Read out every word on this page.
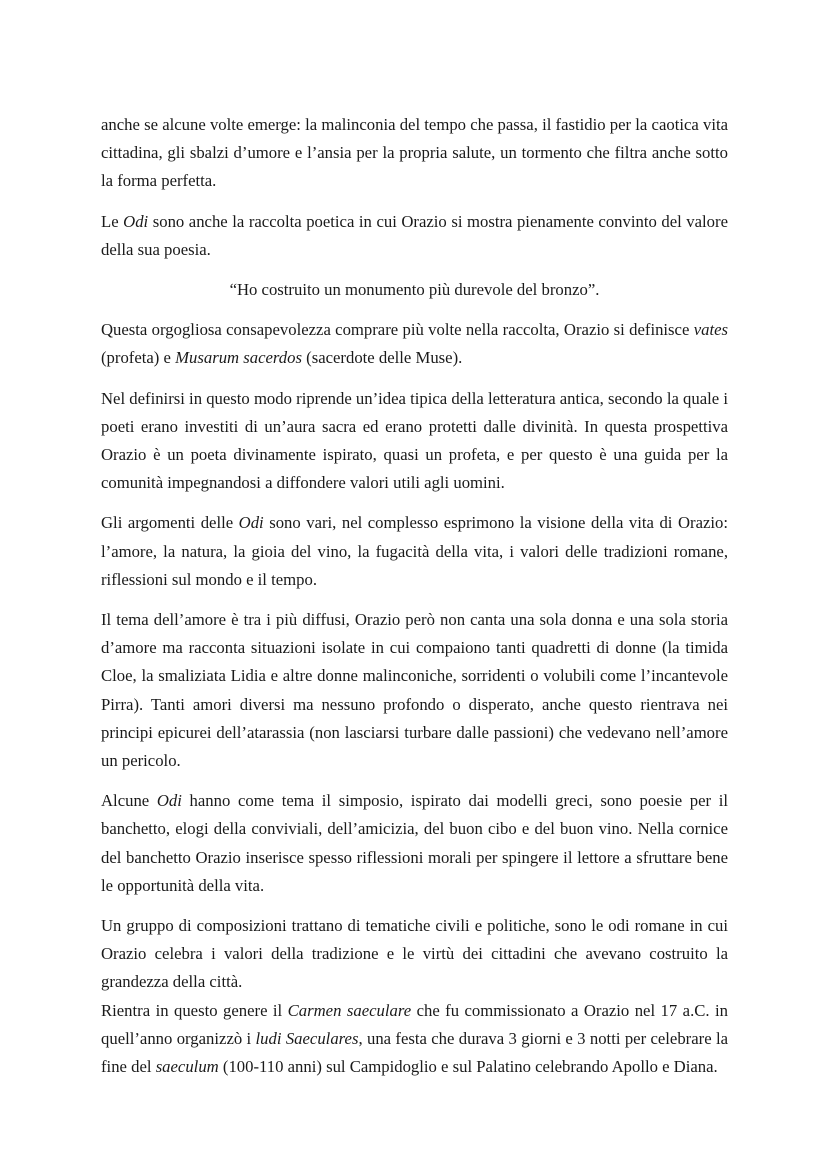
anche se alcune volte emerge: la malinconia del tempo che passa, il fastidio per la caotica vita cittadina, gli sbalzi d’umore e l’ansia per la propria salute, un tormento che filtra anche sotto la forma perfetta.

Le Odi sono anche la raccolta poetica in cui Orazio si mostra pienamente convinto del valore della sua poesia.

“Ho costruito un monumento più durevole del bronzo”.

Questa orgogliosa consapevolezza comprare più volte nella raccolta, Orazio si definisce vates (profeta) e Musarum sacerdos (sacerdote delle Muse).

Nel definirsi in questo modo riprende un’idea tipica della letteratura antica, secondo la quale i poeti erano investiti di un’aura sacra ed erano protetti dalle divinità. In questa prospettiva Orazio è un poeta divinamente ispirato, quasi un profeta, e per questo è una guida per la comunità impegnandosi a diffondere valori utili agli uomini.

Gli argomenti delle Odi sono vari, nel complesso esprimono la visione della vita di Orazio: l’amore, la natura, la gioia del vino, la fugacità della vita, i valori delle tradizioni romane, riflessioni sul mondo e il tempo.

Il tema dell’amore è tra i più diffusi, Orazio però non canta una sola donna e una sola storia d’amore ma racconta situazioni isolate in cui compaiono tanti quadretti di donne (la timida Cloe, la smaliziata Lidia e altre donne malinconiche, sorridenti o volubili come l’incantevole Pirra). Tanti amori diversi ma nessuno profondo o disperato, anche questo rientrava nei principi epicurei dell’atarassia (non lasciarsi turbare dalle passioni) che vedevano nell’amore un pericolo.

Alcune Odi hanno come tema il simposio, ispirato dai modelli greci, sono poesie per il banchetto, elogi della conviviali, dell’amicizia, del buon cibo e del buon vino. Nella cornice del banchetto Orazio inserisce spesso riflessioni morali per spingere il lettore a sfruttare bene le opportunità della vita.

Un gruppo di composizioni trattano di tematiche civili e politiche, sono le odi romane in cui Orazio celebra i valori della tradizione e le virtù dei cittadini che avevano costruito la grandezza della città.

Rientra in questo genere il Carmen saeculare che fu commissionato a Orazio nel 17 a.C. in quell’anno organizzò i ludi Saeculares, una festa che durava 3 giorni e 3 notti per celebrare la fine del saeculum (100-110 anni) sul Campidoglio e sul Palatino celebrando Apollo e Diana.
